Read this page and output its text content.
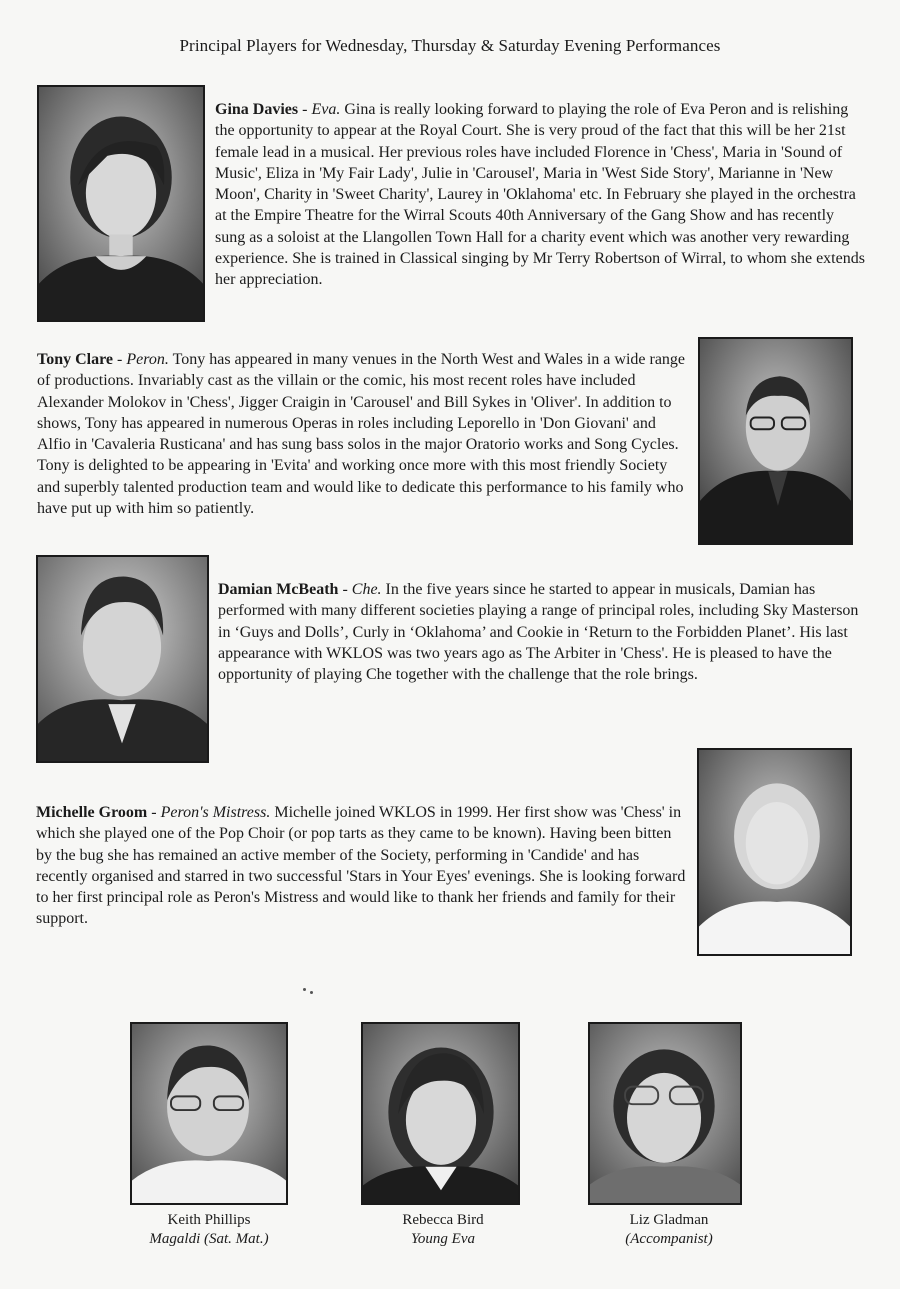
Principal Players for Wednesday, Thursday & Saturday Evening Performances

Gina Davies - Eva. Gina is really looking forward to playing the role of Eva Peron and is relishing the opportunity to appear at the Royal Court. She is very proud of the fact that this will be her 21st female lead in a musical. Her previous roles have included Florence in 'Chess', Maria in 'Sound of Music', Eliza in 'My Fair Lady', Julie in 'Carousel', Maria in 'West Side Story', Marianne in 'New Moon', Charity in 'Sweet Charity', Laurey in 'Oklahoma' etc. In February she played in the orchestra at the Empire Theatre for the Wirral Scouts 40th Anniversary of the Gang Show and has recently sung as a soloist at the Llangollen Town Hall for a charity event which was another very rewarding experience. She is trained in Classical singing by Mr Terry Robertson of Wirral, to whom she extends her appreciation.

Tony Clare - Peron. Tony has appeared in many venues in the North West and Wales in a wide range of productions. Invariably cast as the villain or the comic, his most recent roles have included Alexander Molokov in 'Chess', Jigger Craigin in 'Carousel' and Bill Sykes in 'Oliver'. In addition to shows, Tony has appeared in numerous Operas in roles including Leporello in 'Don Giovani' and Alfio in 'Cavaleria Rusticana' and has sung bass solos in the major Oratorio works and Song Cycles. Tony is delighted to be appearing in 'Evita' and working once more with this most friendly Society and superbly talented production team and would like to dedicate this performance to his family who have put up with him so patiently.

Damian McBeath - Che. In the five years since he started to appear in musicals, Damian has performed with many different societies playing a range of principal roles, including Sky Masterson in ‘Guys and Dolls’, Curly in ‘Oklahoma’ and Cookie in ‘Return to the Forbidden Planet’. His last appearance with WKLOS was two years ago as The Arbiter in 'Chess'. He is pleased to have the opportunity of playing Che together with the challenge that the role brings.

Michelle Groom - Peron's Mistress. Michelle joined WKLOS in 1999. Her first show was 'Chess' in which she played one of the Pop Choir (or pop tarts as they came to be known). Having been bitten by the bug she has remained an active member of the Society, performing in 'Candide' and has recently organised and starred in two successful 'Stars in Your Eyes' evenings. She is looking forward to her first principal role as Peron's Mistress and would like to thank her friends and family for their support.

Keith Phillips
Magaldi (Sat. Mat.)
Rebecca Bird
Young Eva
Liz Gladman
(Accompanist)
